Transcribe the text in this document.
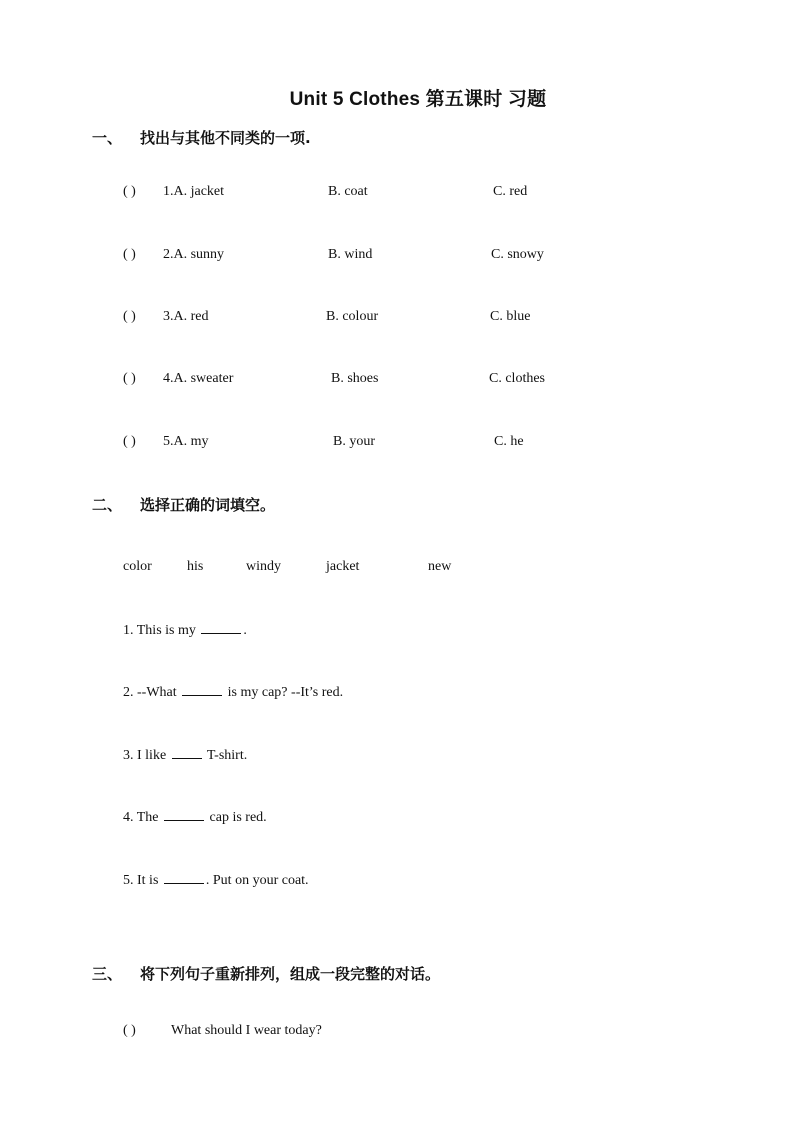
Unit 5 Clothes 第五课时 习题
一、 找出与其他不同类的一项.
( ) 1.A. jacket	B. coat	C. red
( ) 2.A. sunny	B. wind	C. snowy
( ) 3.A. red	B. colour	C. blue
( ) 4.A. sweater	B. shoes	C. clothes
( ) 5.A. my	B. your	C. he
二、 选择正确的词填空。
color	his	windy	jacket	new
1. This is my	.
2. --What	is my cap? --It’s red.
3. I like	T-shirt.
4. The	cap is red.
5. It is	. Put on your coat.
三、 将下列句子重新排列，组成一段完整的对话。
( )	What should I wear today?
